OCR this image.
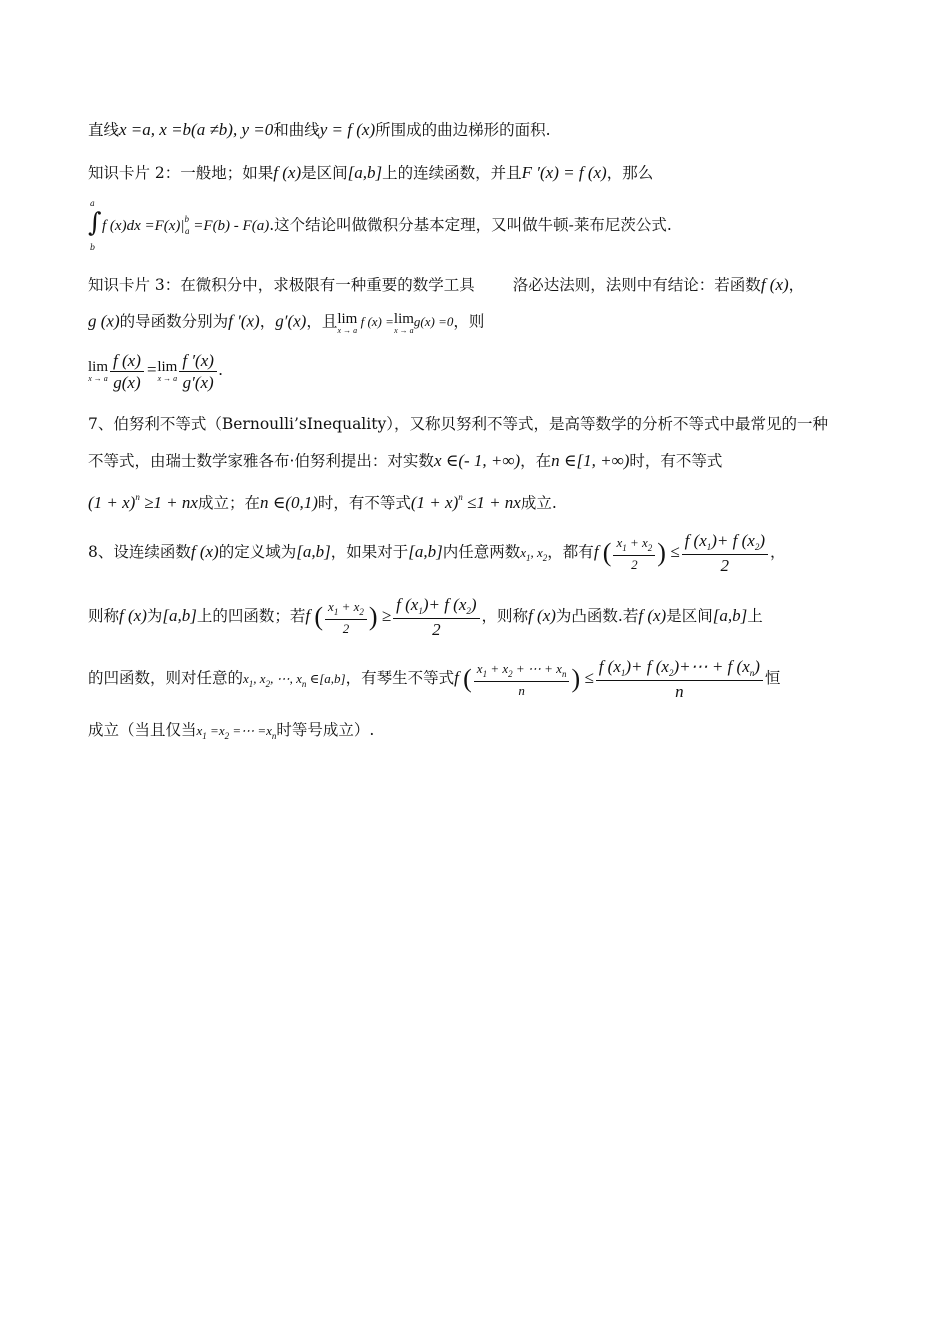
直线x =a, x =b(a ≠b), y =0和曲线y = f (x)所围成的曲边梯形的面积.
知识卡片 2：一般地；如果f (x)是区间[a,b]上的连续函数，并且F ′(x) = f (x)，那么
a
∫
b
f $(x)dx =F(x)|^b_a =F(b) - F(a)$.这个结论叫做微积分基本定理，又叫做牛顿-莱布尼茨公式.
知识卡片 3：在微积分中，求极限有一种重要的数学工具 洛必达法则，法则中有结论：若函数f (x)，
g (x)的导函数分别为f ′(x)，g′(x)，且 lim
x → a
f (x) = lim
x → a
g(x) =0，则
lim
x → a $\frac{f (x)}{g(x)} = \lim$
x → a $\frac{f '(x)}{g'(x)}$ .
7、伯努利不等式（Bernoulli’sInequality），又称贝努利不等式，是高等数学的分析不等式中最常见的一种
不等式，由瑞士数学家雅各布·伯努利提出：对实数x ∈(- 1, +∞)，在n ∈[1, +∞)时，有不等式
$(1 + x)^n \ge 1$ + nx成立；在n ∈(0,1)时，有不等式$(1 + x)^n \le 1$ + nx成立.
8、设连续函数f (x)的定义域为[a,b]，如果对于[a,b]内任意两数$x_1$, $x_2$，都有f ( $\frac{x_1 + x_2}{2}$ ) ≤ $\frac{f (x_1)+ f (x_2)}{2}$ ，
则称f (x)为[a,b]上的凹函数；若f ( $\frac{x_1 + x_2}{2}$ ) ≥ $\frac{f (x_1)+ f (x_2)}{2}$ ，则称f (x)为凸函数.若f (x)是区间[a,b]上
的凹函数，则对任意的$x_1$, $x_2$, ⋯, $x_n$ ∈[a,b]，有琴生不等式f ( $\frac{x_1 + x_2 + \cdots + x_n}{n}$ ) ≤ $\frac{f (x_1)+ f (x_2)+\cdots + f (x_n)}{n}$ 恒
成立（当且仅当$x_1 =x_2$ =⋯ $=x_n$时等号成立）.
